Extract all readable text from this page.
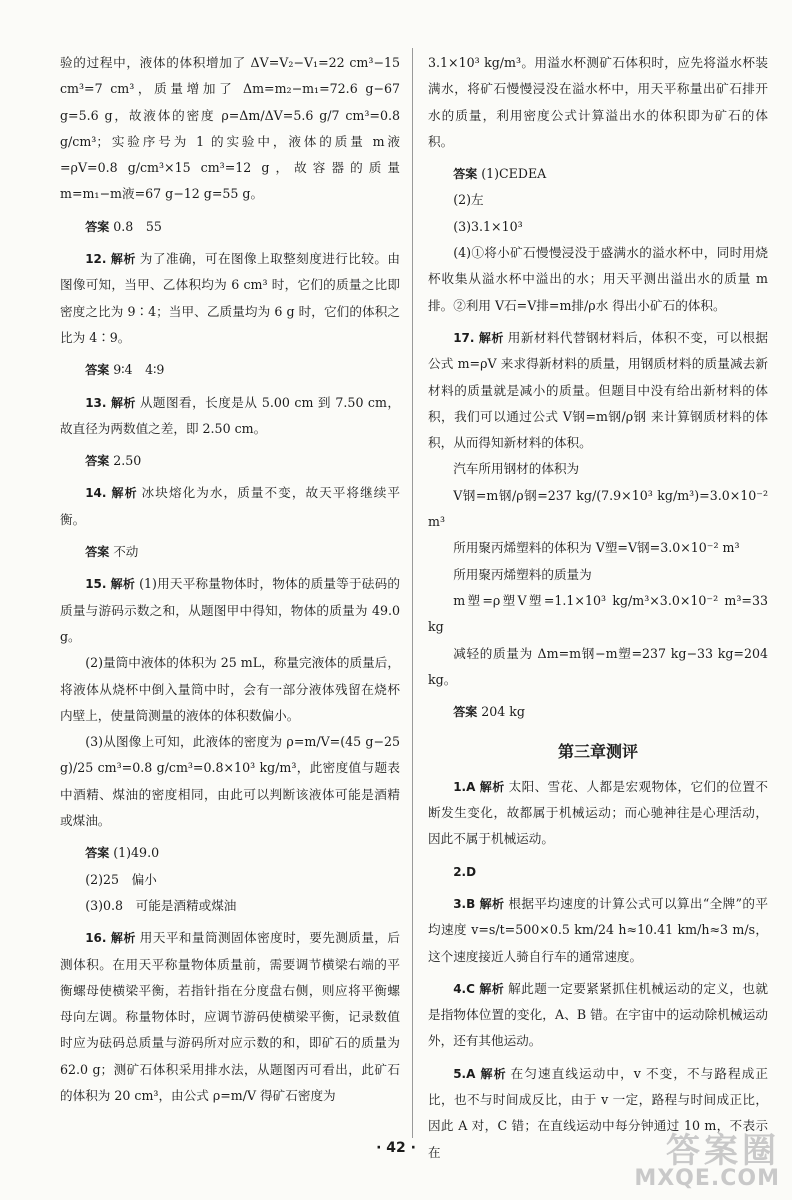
验的过程中，液体的体积增加了 ΔV=V₂−V₁=22 cm³−15 cm³=7 cm³，质量增加了 Δm=m₂−m₁=72.6 g−67 g=5.6 g，故液体的密度 ρ=Δm/ΔV=5.6 g/7 cm³=0.8 g/cm³；实验序号为 1 的实验中，液体的质量 m液=ρV=0.8 g/cm³×15 cm³=12 g，故容器的质量 m=m₁−m液=67 g−12 g=55 g。

答案 0.8　55

12. 解析 为了准确，可在图像上取整刻度进行比较。由图像可知，当甲、乙体积均为 6 cm³ 时，它们的质量之比即密度之比为 9∶4；当甲、乙质量均为 6 g 时，它们的体积之比为 4∶9。

答案 9∶4　4∶9

13. 解析 从题图看，长度是从 5.00 cm 到 7.50 cm，故直径为两数值之差，即 2.50 cm。

答案 2.50

14. 解析 冰块熔化为水，质量不变，故天平将继续平衡。

答案 不动

15. 解析 (1)用天平称量物体时，物体的质量等于砝码的质量与游码示数之和，从题图甲中得知，物体的质量为 49.0 g。

(2)量筒中液体的体积为 25 mL，称量完液体的质量后，将液体从烧杯中倒入量筒中时，会有一部分液体残留在烧杯内壁上，使量筒测量的液体的体积数偏小。

(3)从图像上可知，此液体的密度为 ρ=m/V=(45 g−25 g)/25 cm³=0.8 g/cm³=0.8×10³ kg/m³，此密度值与题表中酒精、煤油的密度相同，由此可以判断该液体可能是酒精或煤油。

答案 (1)49.0

(2)25　偏小

(3)0.8　可能是酒精或煤油

16. 解析 用天平和量筒测固体密度时，要先测质量，后测体积。在用天平称量物体质量前，需要调节横梁右端的平衡螺母使横梁平衡，若指针指在分度盘右侧，则应将平衡螺母向左调。称量物体时，应调节游码使横梁平衡，记录数值时应为砝码总质量与游码所对应示数的和，即矿石的质量为 62.0 g；测矿石体积采用排水法，从题图丙可看出，此矿石的体积为 20 cm³，由公式 ρ=m/V 得矿石密度为

3.1×10³ kg/m³。用溢水杯测矿石体积时，应先将溢水杯装满水，将矿石慢慢浸没在溢水杯中，用天平称量出矿石排开水的质量，利用密度公式计算溢出水的体积即为矿石的体积。

答案 (1)CEDEA

(2)左

(3)3.1×10³

(4)①将小矿石慢慢浸没于盛满水的溢水杯中，同时用烧杯收集从溢水杯中溢出的水；用天平测出溢出水的质量 m排。②利用 V石=V排=m排/ρ水 得出小矿石的体积。

17. 解析 用新材料代替钢材料后，体积不变，可以根据公式 m=ρV 来求得新材料的质量，用钢质材料的质量减去新材料的质量就是减小的质量。但题目中没有给出新材料的体积，我们可以通过公式 V钢=m钢/ρ钢 来计算钢质材料的体积，从而得知新材料的体积。

汽车所用钢材的体积为

V钢=m钢/ρ钢=237 kg/(7.9×10³ kg/m³)=3.0×10⁻² m³

所用聚丙烯塑料的体积为 V塑=V钢=3.0×10⁻² m³

所用聚丙烯塑料的质量为

m塑=ρ塑V塑=1.1×10³ kg/m³×3.0×10⁻² m³=33 kg

减轻的质量为 Δm=m钢−m塑=237 kg−33 kg=204 kg。

答案 204 kg

第三章测评

1.A 解析 太阳、雪花、人都是宏观物体，它们的位置不断发生变化，故都属于机械运动；而心驰神往是心理活动，因此不属于机械运动。

2.D

3.B 解析 根据平均速度的计算公式可以算出“全牌”的平均速度 v=s/t=500×0.5 km/24 h≈10.41 km/h≈3 m/s，这个速度接近人骑自行车的通常速度。

4.C 解析 解此题一定要紧紧抓住机械运动的定义，也就是指物体位置的变化，A、B 错。在宇宙中的运动除机械运动外，还有其他运动。

5.A 解析 在匀速直线运动中，v 不变，不与路程成正比，也不与时间成反比，由于 v 一定，路程与时间成正比，因此 A 对，C 错；在直线运动中每分钟通过 10 m，不表示在

· 42 ·	答案圈
MXQE.COM
